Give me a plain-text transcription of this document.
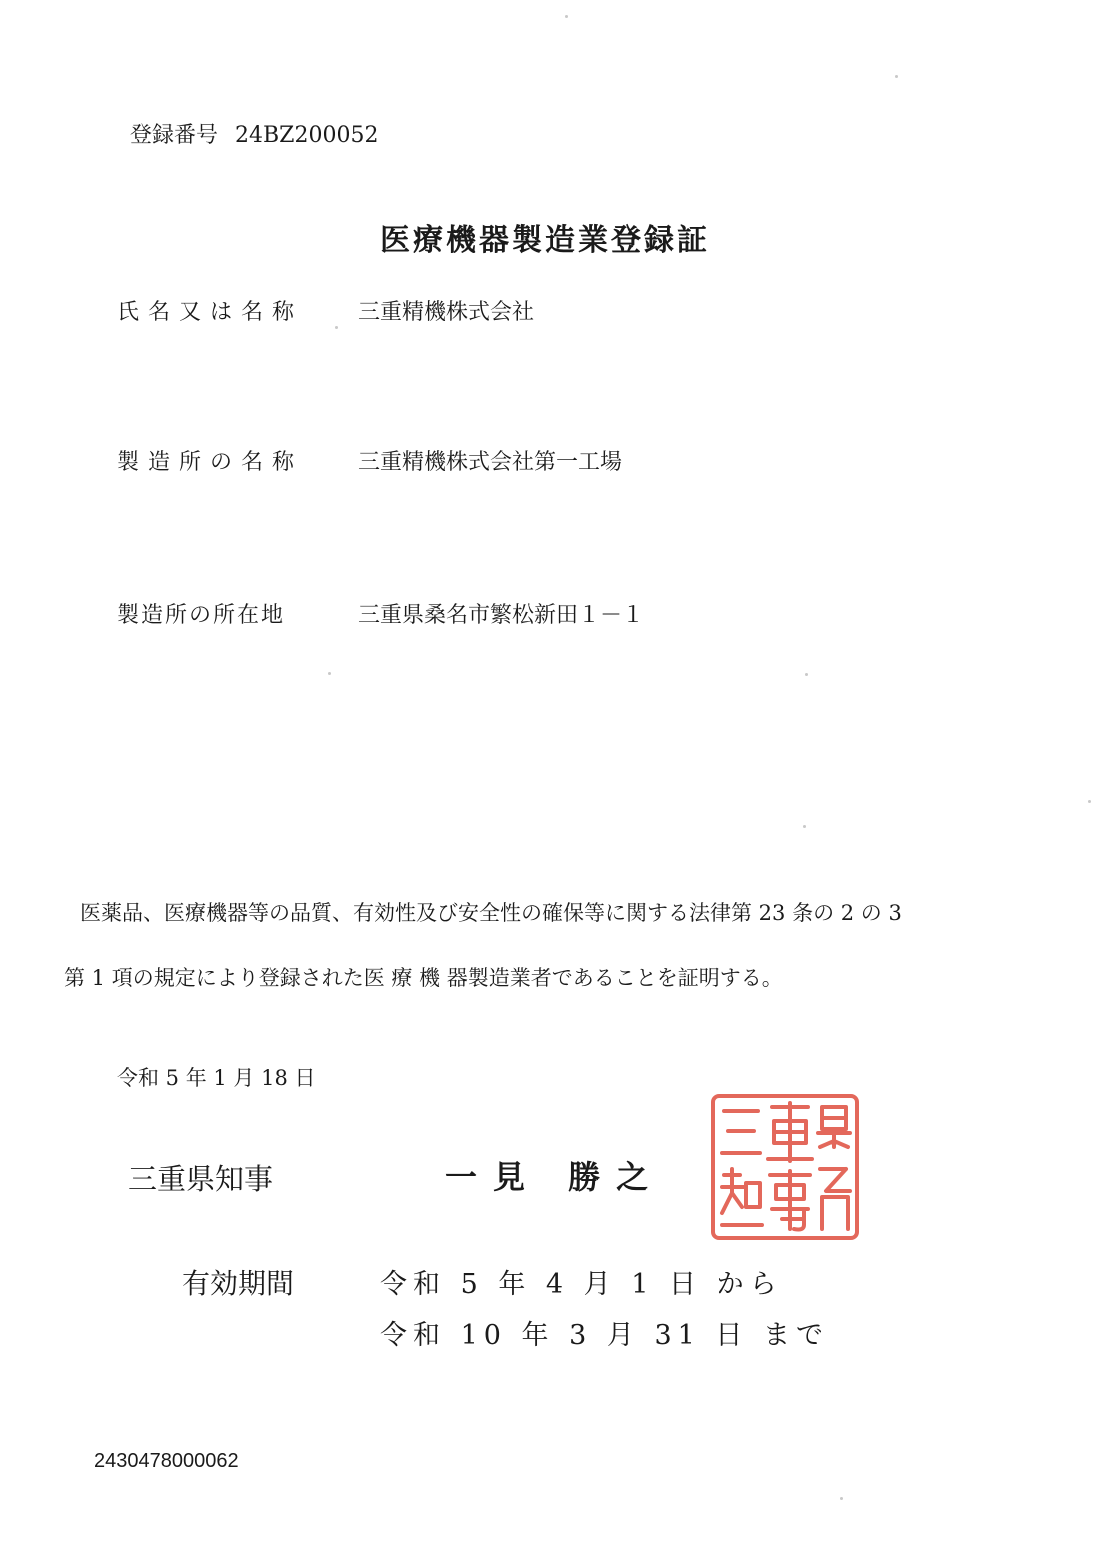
登録番号 24BZ200052
医療機器製造業登録証
氏名又は名称 三重精機株式会社
製造所の名称 三重精機株式会社第一工場
製造所の所在地	三重県桑名市繁松新田１－１
医薬品、医療機器等の品質、有効性及び安全性の確保等に関する法律第 23 条の 2 の 3
第 1 項の規定により登録された医 療 機 器製造業者であることを証明する。
令和 5 年 1 月 18 日
三重県知事	一見 勝之
有効期間	令和 5 年 4 月 1 日 から
令和 10 年 3 月 31 日 まで
2430478000062
